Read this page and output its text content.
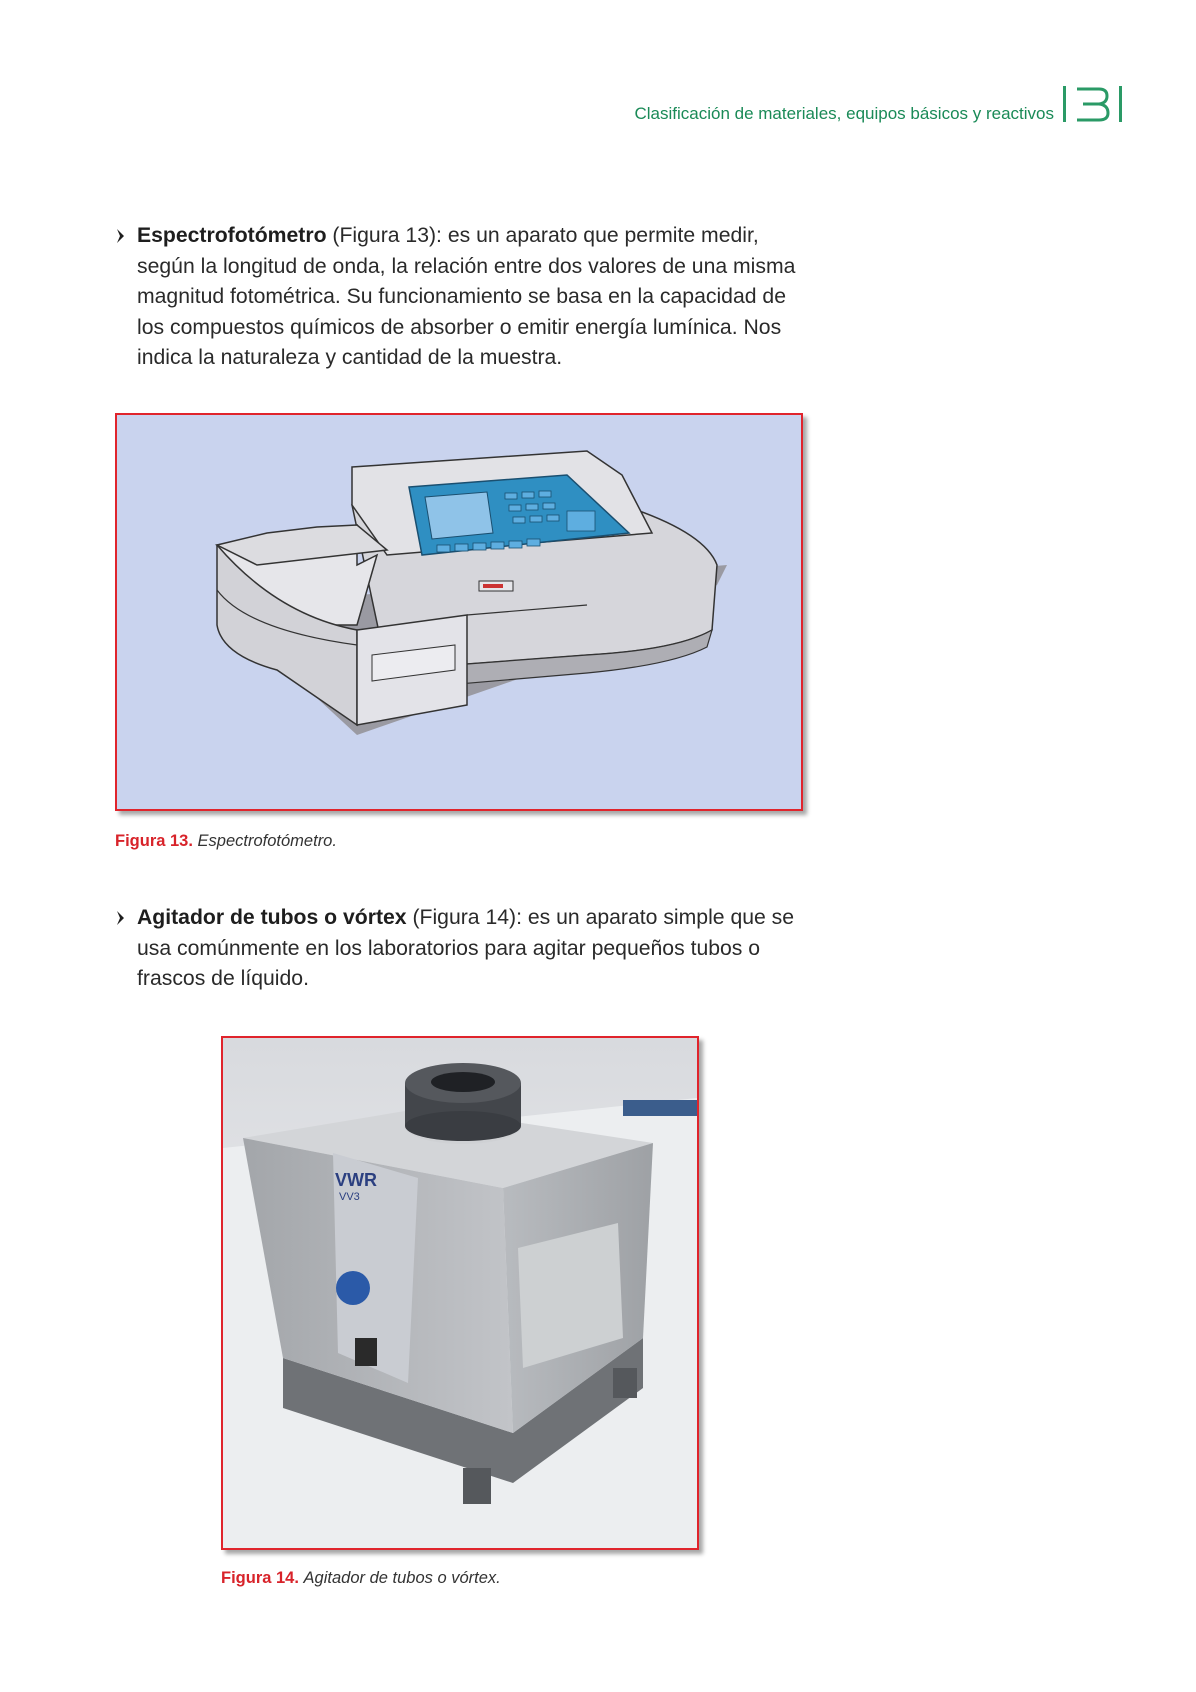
Clasificación de materiales, equipos básicos y reactivos
Espectrofotómetro (Figura 13): es un aparato que permite medir, según la longitud de onda, la relación entre dos valores de una misma magnitud fotométrica. Su funcionamiento se basa en la capacidad de los compuestos químicos de absorber o emitir energía lumínica. Nos indica la naturaleza y cantidad de la muestra.
Figura 13. Espectrofotómetro.
Agitador de tubos o vórtex (Figura 14): es un aparato simple que se usa comúnmente en los laboratorios para agitar pequeños tubos o frascos de líquido.
VWR
VV3
Figura 14. Agitador de tubos o vórtex.
